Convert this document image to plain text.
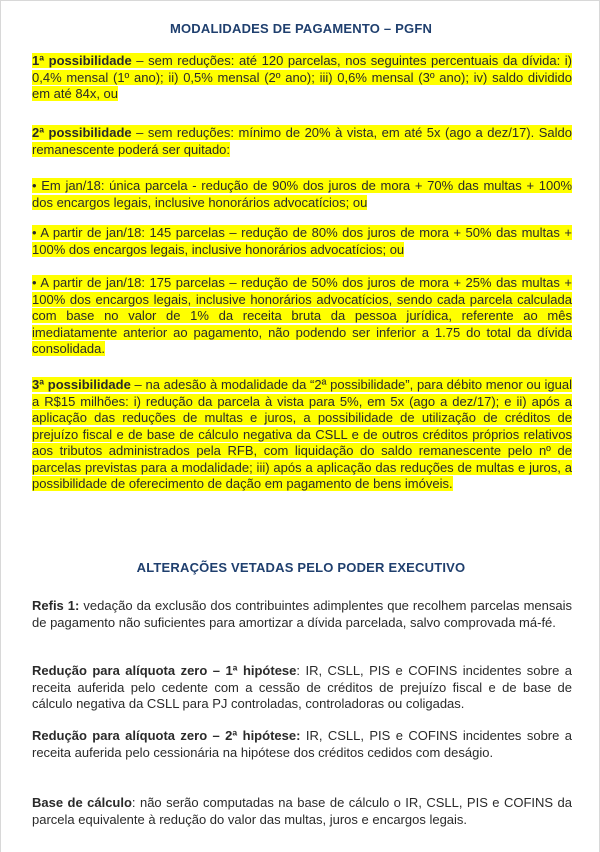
MODALIDADES DE PAGAMENTO – PGFN
1ª possibilidade – sem reduções: até 120 parcelas, nos seguintes percentuais da dívida: i) 0,4% mensal (1º ano); ii) 0,5% mensal (2º ano); iii) 0,6% mensal (3º ano); iv) saldo dividido em até 84x, ou
2ª possibilidade – sem reduções: mínimo de 20% à vista, em até 5x (ago a dez/17). Saldo remanescente poderá ser quitado:
• Em jan/18: única parcela - redução de 90% dos juros de mora + 70% das multas + 100% dos encargos legais, inclusive honorários advocatícios; ou
• A partir de jan/18: 145 parcelas – redução de 80% dos juros de mora + 50% das multas + 100% dos encargos legais, inclusive honorários advocatícios; ou
• A partir de jan/18: 175 parcelas – redução de 50% dos juros de mora + 25% das multas + 100% dos encargos legais, inclusive honorários advocatícios, sendo cada parcela calculada com base no valor de 1% da receita bruta da pessoa jurídica, referente ao mês imediatamente anterior ao pagamento, não podendo ser inferior a 1.75 do total da dívida consolidada.
3ª possibilidade – na adesão à modalidade da “2ª possibilidade”, para débito menor ou igual a R$15 milhões: i) redução da parcela à vista para 5%, em 5x (ago a dez/17); e ii) após a aplicação das reduções de multas e juros, a possibilidade de utilização de créditos de prejuízo fiscal e de base de cálculo negativa da CSLL e de outros créditos próprios relativos aos tributos administrados pela RFB, com liquidação do saldo remanescente pelo nº de parcelas previstas para a modalidade; iii) após a aplicação das reduções de multas e juros, a possibilidade de oferecimento de dação em pagamento de bens imóveis.
ALTERAÇÕES VETADAS PELO PODER EXECUTIVO
Refis 1: vedação da exclusão dos contribuintes adimplentes que recolhem parcelas mensais de pagamento não suficientes para amortizar a dívida parcelada, salvo comprovada má-fé.
Redução para alíquota zero – 1ª hipótese: IR, CSLL, PIS e COFINS incidentes sobre a receita auferida pelo cedente com a cessão de créditos de prejuízo fiscal e de base de cálculo negativa da CSLL para PJ controladas, controladoras ou coligadas.
Redução para alíquota zero – 2ª hipótese: IR, CSLL, PIS e COFINS incidentes sobre a receita auferida pelo cessionária na hipótese dos créditos cedidos com deságio.
Base de cálculo: não serão computadas na base de cálculo o IR, CSLL, PIS e COFINS da parcela equivalente à redução do valor das multas, juros e encargos legais.
